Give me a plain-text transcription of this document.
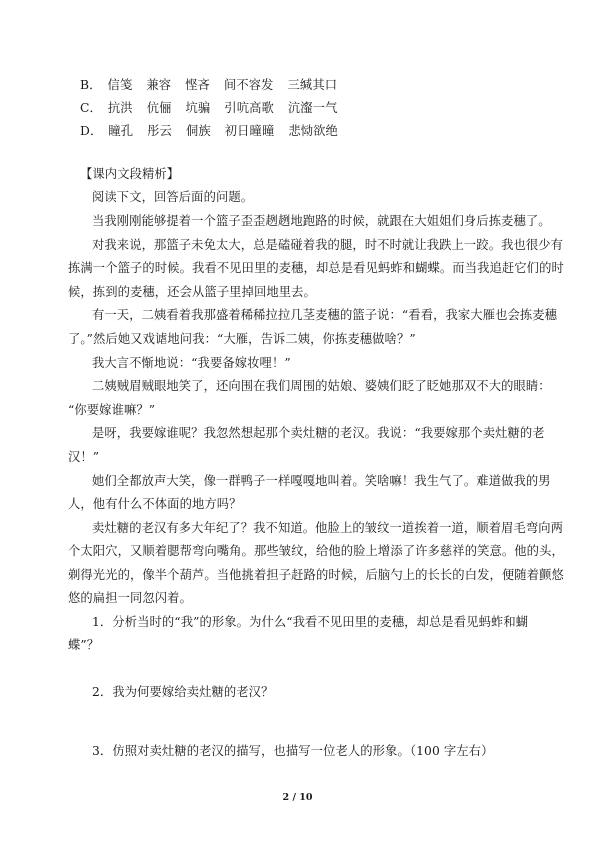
B． 信笺 兼容 悭吝 间不容发 三缄其口
C． 抗洪 伉俪 坑骗 引吭高歌 沆瀣一气
D． 瞳孔 彤云 侗族 初日曈曈 悲恸欲绝
【课内文段精析】
阅读下文，回答后面的问题。
当我刚刚能够提着一个篮子歪歪趔趔地跑路的时候，就跟在大姐姐们身后拣麦穗了。
对我来说，那篮子未免太大，总是磕碰着我的腿，时不时就让我跌上一跤。我也很少有
拣满一个篮子的时候。我看不见田里的麦穗，却总是看见蚂蚱和蝴蝶。而当我追赶它们的时
候，拣到的麦穗，还会从篮子里掉回地里去。
有一天，二姨看着我那盛着稀稀拉拉几茎麦穗的篮子说：“看看，我家大雁也会拣麦穗
了。”然后她又戏谑地问我：“大雁，告诉二姨，你拣麦穗做啥？”
我大言不惭地说：“我要备嫁妆哩！”
二姨贼眉贼眼地笑了，还向围在我们周围的姑娘、婆姨们眨了眨她那双不大的眼睛：
“你要嫁谁嘛？”
是呀，我要嫁谁呢？我忽然想起那个卖灶糖的老汉。我说：“我要嫁那个卖灶糖的老
汉！”
她们全都放声大笑，像一群鸭子一样嘎嘎地叫着。笑啥嘛！我生气了。难道做我的男
人，他有什么不体面的地方吗？
卖灶糖的老汉有多大年纪了？我不知道。他脸上的皱纹一道挨着一道，顺着眉毛弯向两
个太阳穴，又顺着腮帮弯向嘴角。那些皱纹，给他的脸上增添了许多慈祥的笑意。他的头，
剃得光光的，像半个葫芦。当他挑着担子赶路的时候，后脑勺上的长长的白发，便随着颤悠
悠的扁担一同忽闪着。
1．分析当时的“我”的形象。为什么“我看不见田里的麦穗，却总是看见蚂蚱和蝴
蝶”？
2．我为何要嫁给卖灶糖的老汉？
3．仿照对卖灶糖的老汉的描写，也描写一位老人的形象。（100 字左右）
2 / 10
